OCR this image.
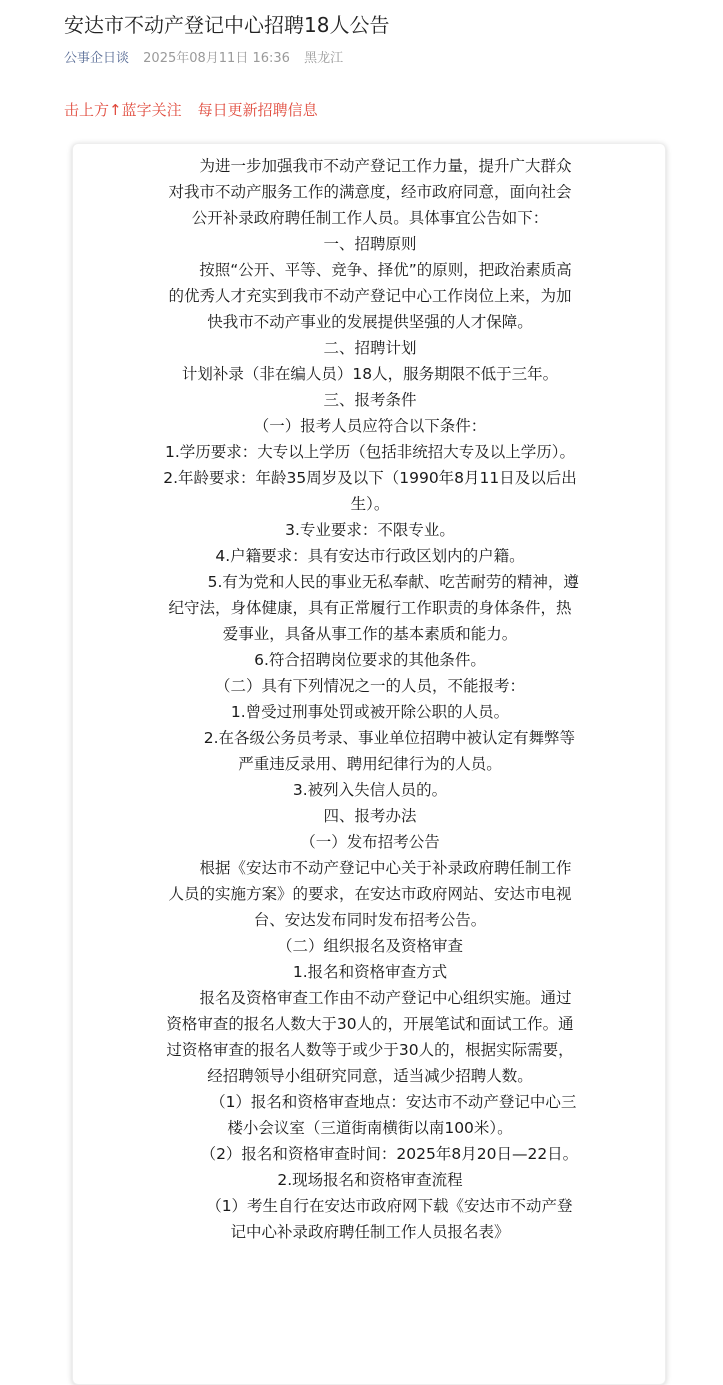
安达市不动产登记中心招聘18人公告
公事企日谈 2025年08月11日 16:36 黑龙江
击上方↑蓝字关注 每日更新招聘信息

为进一步加强我市不动产登记工作力量，提升广大群众对我市不动产服务工作的满意度，经市政府同意，面向社会公开补录政府聘任制工作人员。具体事宜公告如下：

一、招聘原则

按照“公开、平等、竞争、择优”的原则，把政治素质高的优秀人才充实到我市不动产登记中心工作岗位上来，为加快我市不动产事业的发展提供坚强的人才保障。

二、招聘计划

计划补录（非在编人员）18人，服务期限不低于三年。

三、报考条件

（一）报考人员应符合以下条件：

1.学历要求：大专以上学历（包括非统招大专及以上学历）。

2.年龄要求：年龄35周岁及以下（1990年8月11日及以后出生）。

3.专业要求：不限专业。

4.户籍要求：具有安达市行政区划内的户籍。

5.有为党和人民的事业无私奉献、吃苦耐劳的精神，遵纪守法，身体健康，具有正常履行工作职责的身体条件，热爱事业，具备从事工作的基本素质和能力。

6.符合招聘岗位要求的其他条件。

（二）具有下列情况之一的人员，不能报考：

1.曾受过刑事处罚或被开除公职的人员。

2.在各级公务员考录、事业单位招聘中被认定有舞弊等严重违反录用、聘用纪律行为的人员。

3.被列入失信人员的。

四、报考办法

（一）发布招考公告

根据《安达市不动产登记中心关于补录政府聘任制工作人员的实施方案》的要求，在安达市政府网站、安达市电视台、安达发布同时发布招考公告。

（二）组织报名及资格审查

1.报名和资格审查方式

报名及资格审查工作由不动产登记中心组织实施。通过资格审查的报名人数大于30人的，开展笔试和面试工作。通过资格审查的报名人数等于或少于30人的，根据实际需要，经招聘领导小组研究同意，适当减少招聘人数。

（1）报名和资格审查地点：安达市不动产登记中心三楼小会议室（三道街南横街以南100米）。

（2）报名和资格审查时间：2025年8月20日—22日。

2.现场报名和资格审查流程

（1）考生自行在安达市政府网下载《安达市不动产登记中心补录政府聘任制工作人员报名表》
